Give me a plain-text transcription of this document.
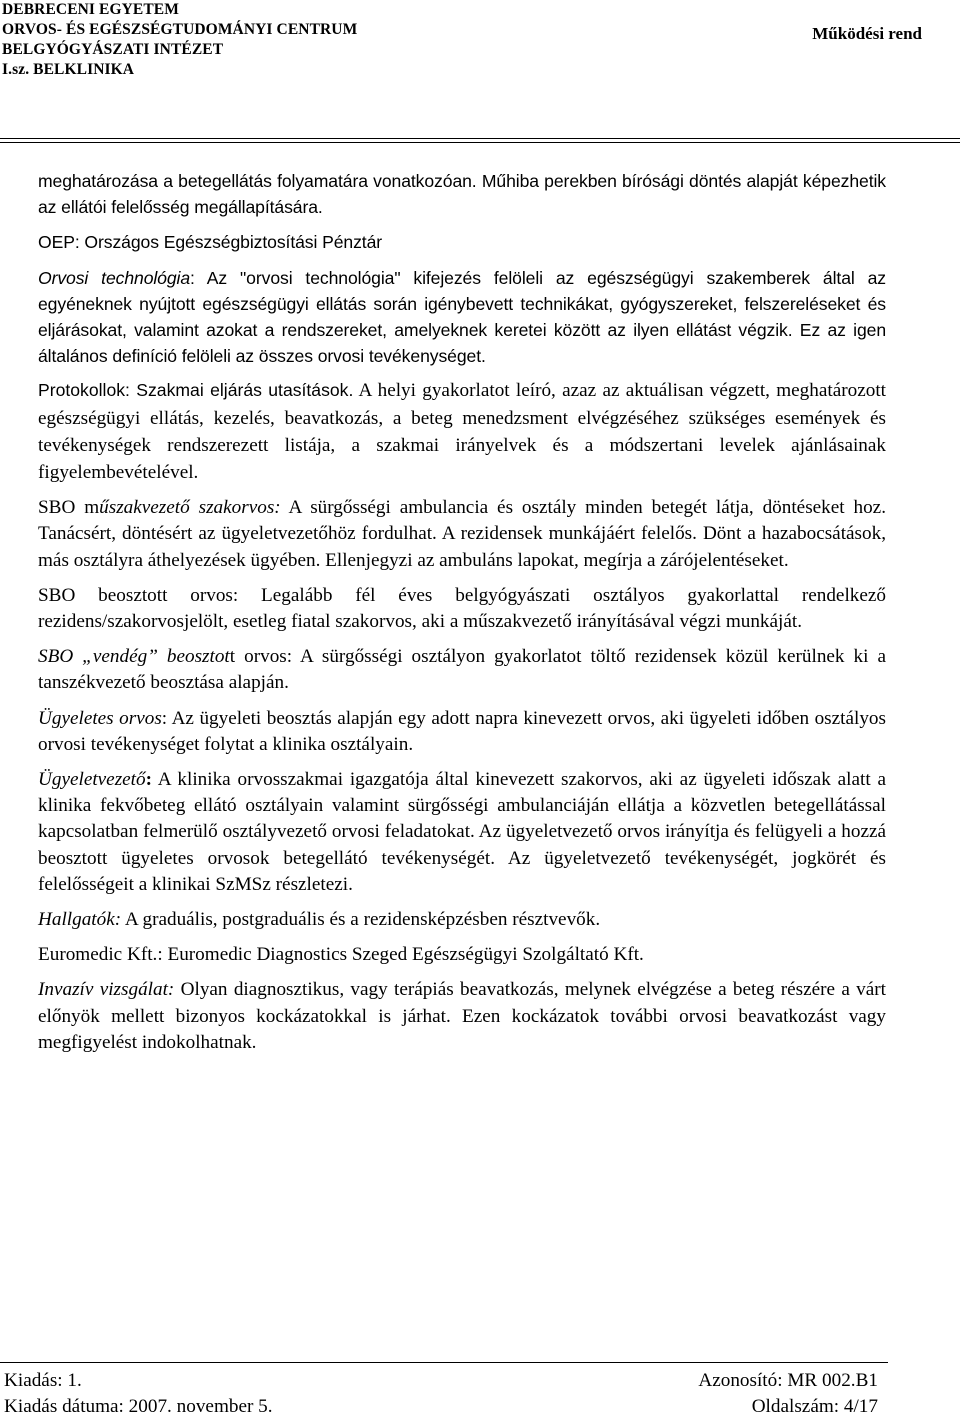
DEBRECENI EGYETEM
ORVOS- ÉS EGÉSZSÉGTUDOMÁNYI CENTRUM
BELGYÓGYÁSZATI INTÉZET
I.sz. BELKLINIKA
Működési rend

meghatározása a betegellátás folyamatára vonatkozóan. Műhiba perekben bírósági döntés alapját képezhetik az ellátói felelősség megállapítására.

OEP: Országos Egészségbiztosítási Pénztár

Orvosi technológia: Az "orvosi technológia" kifejezés felöleli az egészségügyi szakemberek által az egyéneknek nyújtott egészségügyi ellátás során igénybevett technikákat, gyógyszereket, felszereléseket és eljárásokat, valamint azokat a rendszereket, amelyeknek keretei között az ilyen ellátást végzik. Ez az igen általános definíció felöleli az összes orvosi tevékenységet.

Protokollok: Szakmai eljárás utasítások. A helyi gyakorlatot leíró, azaz az aktuálisan végzett, meghatározott egészségügyi ellátás, kezelés, beavatkozás, a beteg menedzsment elvégzéséhez szükséges események és tevékenységek rendszerezett listája, a szakmai irányelvek és a módszertani levelek ajánlásainak figyelembevételével.

SBO műszakvezető szakorvos: A sürgősségi ambulancia és osztály minden betegét látja, döntéseket hoz. Tanácsért, döntésért az ügyeletvezetőhöz fordulhat. A rezidensek munkájáért felelős. Dönt a hazabocsátások, más osztályra áthelyezések ügyében. Ellenjegyzi az ambuláns lapokat, megírja a zárójelentéseket.

SBO beosztott orvos: Legalább fél éves belgyógyászati osztályos gyakorlattal rendelkező rezidens/szakorvosjelölt, esetleg fiatal szakorvos, aki a műszakvezető irányításával végzi munkáját.

SBO „vendég” beosztott orvos: A sürgősségi osztályon gyakorlatot töltő rezidensek közül kerülnek ki a tanszékvezető beosztása alapján.

Ügyeletes orvos: Az ügyeleti beosztás alapján egy adott napra kinevezett orvos, aki ügyeleti időben osztályos orvosi tevékenységet folytat a klinika osztályain.

Ügyeletvezető: A klinika orvosszakmai igazgatója által kinevezett szakorvos, aki az ügyeleti időszak alatt a klinika fekvőbeteg ellátó osztályain valamint sürgősségi ambulanciáján ellátja a közvetlen betegellátással kapcsolatban felmerülő osztályvezető orvosi feladatokat. Az ügyeletvezető orvos irányítja és felügyeli a hozzá beosztott ügyeletes orvosok betegellátó tevékenységét. Az ügyeletvezető tevékenységét, jogkörét és felelősségeit a klinikai SzMSz részletezi.

Hallgatók: A graduális, postgraduális és a rezidensképzésben résztvevők.

Euromedic Kft.: Euromedic Diagnostics Szeged Egészségügyi Szolgáltató Kft.

Invazív vizsgálat: Olyan diagnosztikus, vagy terápiás beavatkozás, melynek elvégzése a beteg részére a várt előnyök mellett bizonyos kockázatokkal is járhat. Ezen kockázatok további orvosi beavatkozást vagy megfigyelést indokolhatnak.

Kiadás: 1.	Azonosító: MR 002.B1
Kiadás dátuma: 2007. november 5.	Oldalszám: 4/17
